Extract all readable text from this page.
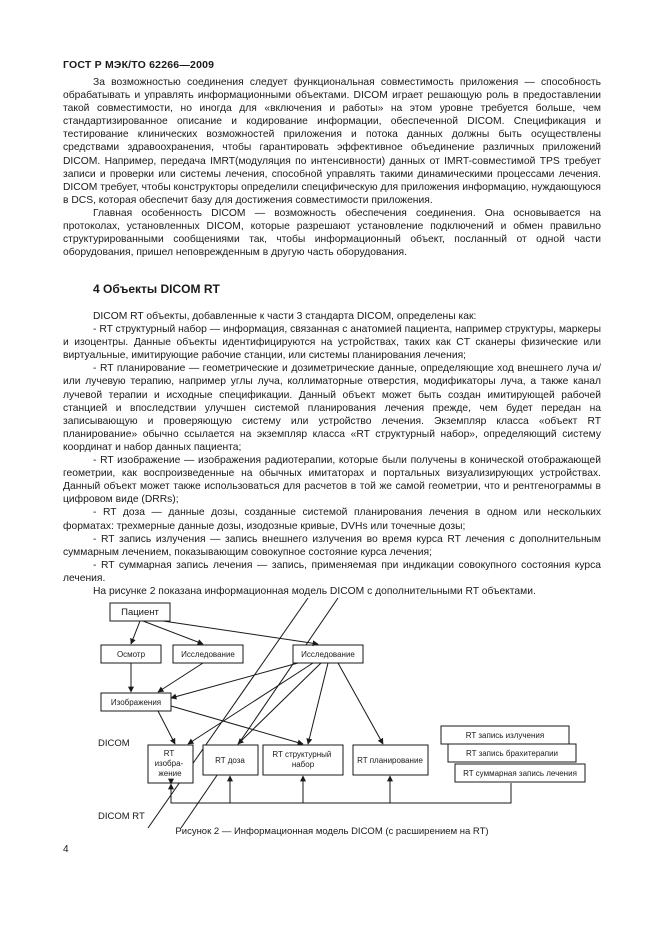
ГОСТ Р МЭК/ТО 62266—2009

За возможностью соединения следует функциональная совместимость приложения — способность обрабатывать и управлять информационными объектами. DICOM играет решающую роль в предоставлении такой совместимости, но иногда для «включения и работы» на этом уровне требуется больше, чем стандартизированное описание и кодирование информации, обеспеченной DICOM. Спецификация и тестирование клинических возможностей приложения и потока данных должны быть осуществлены средствами здравоохранения, чтобы гарантировать эффективное объединение различных приложений DICOM. Например, передача IMRT(модуляция по интенсивности) данных от IMRT-совместимой TPS требует записи и проверки или системы лечения, способной управлять такими динамическими процессами лечения. DICOM требует, чтобы конструкторы определили специфическую для приложения информацию, нуждающуюся в DCS, которая обеспечит базу для достижения совместимости приложения.

Главная особенность DICOM — возможность обеспечения соединения. Она основывается на протоколах, установленных DICOM, которые разрешают установление подключений и обмен правильно структурированными сообщениями так, чтобы информационный объект, посланный от одной части оборудования, пришел неповрежденным в другую часть оборудования.

4 Объекты DICOM RT

DICOM RT объекты, добавленные к части 3 стандарта DICOM, определены как:

- RT структурный набор — информация, связанная с анатомией пациента, например структуры, маркеры и изоцентры. Данные объекты идентифицируются на устройствах, таких как CT сканеры физические или виртуальные, имитирующие рабочие станции, или системы планирования лечения;

- RT планирование — геометрические и дозиметрические данные, определяющие ход внешнего луча и/или лучевую терапию, например углы луча, коллиматорные отверстия, модификаторы луча, а также канал лучевой терапии и исходные спецификации. Данный объект может быть создан имитирующей рабочей станцией и впоследствии улучшен системой планирования лечения прежде, чем будет передан на записывающую и проверяющую систему или устройство лечения. Экземпляр класса «объект RT планирование» обычно ссылается на экземпляр класса «RT структурный набор», определяющий систему координат и набор данных пациента;

- RT изображение — изображения радиотерапии, которые были получены в конической отображающей геометрии, как воспроизведенные на обычных имитаторах и портальных визуализирующих устройствах. Данный объект может также использоваться для расчетов в той же самой геометрии, что и рентгенограммы в цифровом виде (DRRs);

- RT доза — данные дозы, созданные системой планирования лечения в одном или нескольких форматах: трехмерные данные дозы, изодозные кривые, DVHs или точечные дозы;

- RT запись излучения — запись внешнего излучения во время курса RT лечения с дополнительным суммарным лечением, показывающим совокупное состояние курса лечения;

- RT суммарная запись лечения — запись, применяемая при индикации совокупного состояния курса лечения.

На рисунке 2 показана информационная модель DICOM с дополнительными RT объектами.

Пациент
Осмотр	Исследование	Исследование
Изображения
DICOM
DICOM RT
RT изобра- жение
RT доза
RT структурный набор	RT планирование
RT запись излучения
RT запись брахитерапии
RT суммарная запись лечения
Рисунок 2 — Информационная модель DICOM (с расширением на RT)
4
